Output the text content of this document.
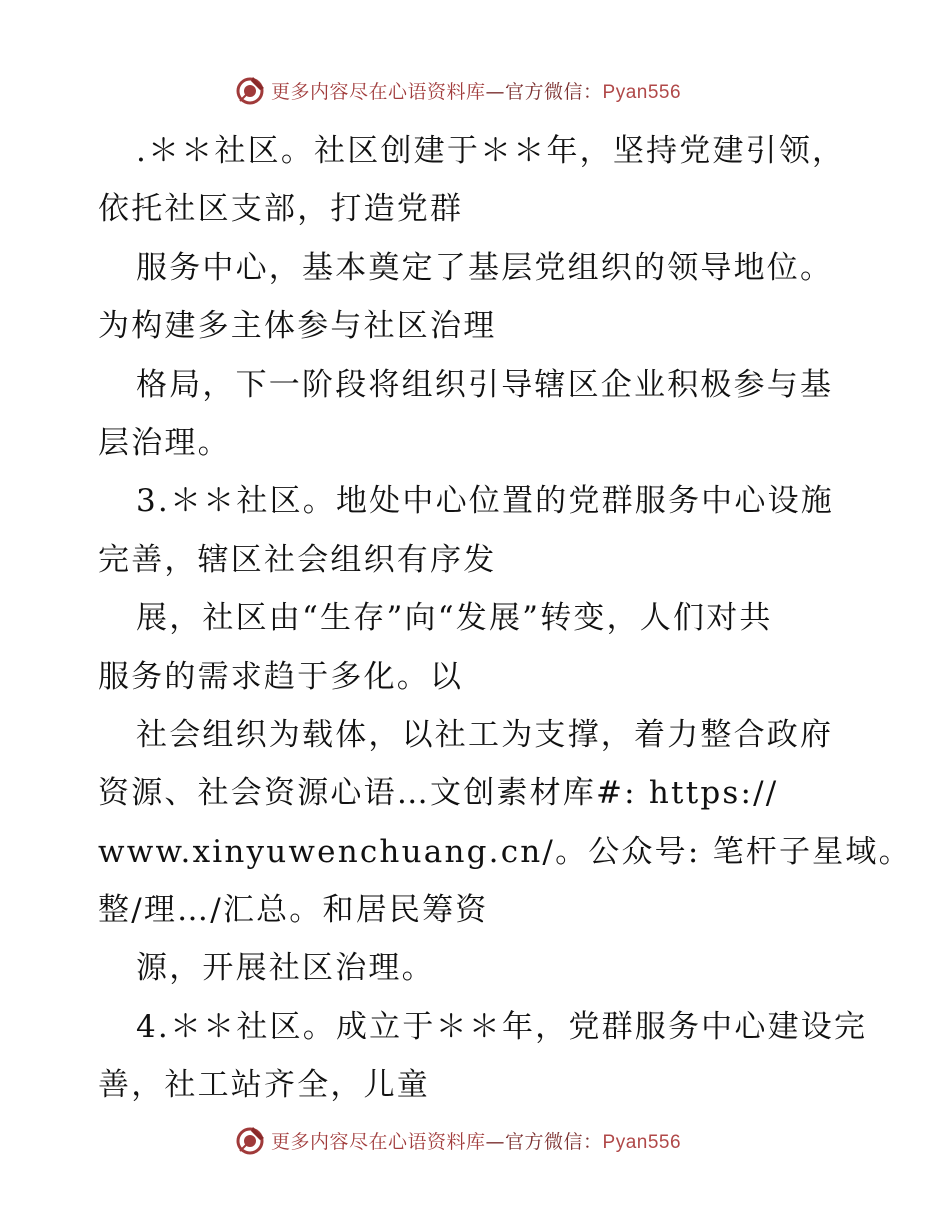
更多内容尽在心语资料库—官方微信：Pyan556
.＊＊社区。社区创建于＊＊年，坚持党建引领，
依托社区支部，打造党群
服务中心，基本奠定了基层党组织的领导地位。
为构建多主体参与社区治理
格局，下一阶段将组织引导辖区企业积极参与基
层治理。
3.＊＊社区。地处中心位置的党群服务中心设施
完善，辖区社会组织有序发
展，社区由“生存”向“发展”转变，人们对共
服务的需求趋于多化。以
社会组织为载体，以社工为支撑，着力整合政府
资源、社会资源心语…文创素材库#: https://
www.xinyuwenchuang.cn/。公众号: 笔杆子星域。
整/理…/汇总。和居民筹资
源，开展社区治理。
4.＊＊社区。成立于＊＊年，党群服务中心建设完
善，社工站齐全，儿童
更多内容尽在心语资料库—官方微信：Pyan556
